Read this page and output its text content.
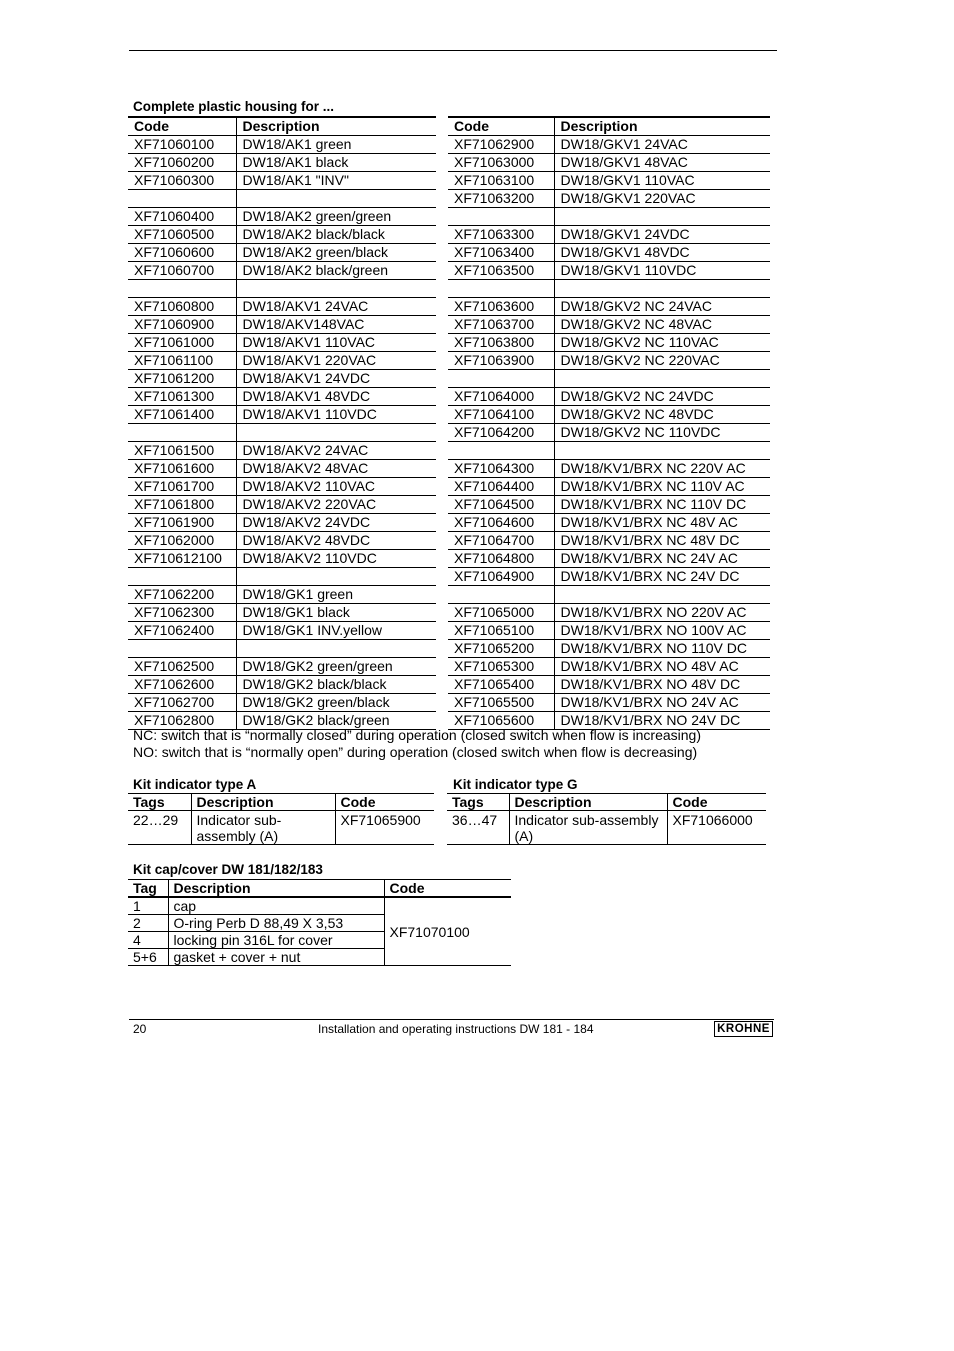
Complete plastic housing for ...
Code	Description
XF71060100	DW18/AK1 green
XF71060200	DW18/AK1 black
XF71060300	DW18/AK1 "INV"

XF71060400	DW18/AK2 green/green
XF71060500	DW18/AK2 black/black
XF71060600	DW18/AK2 green/black
XF71060700	DW18/AK2 black/green

XF71060800	DW18/AKV1 24VAC
XF71060900	DW18/AKV148VAC
XF71061000	DW18/AKV1 110VAC
XF71061100	DW18/AKV1 220VAC
XF71061200	DW18/AKV1 24VDC
XF71061300	DW18/AKV1 48VDC
XF71061400	DW18/AKV1 110VDC

XF71061500	DW18/AKV2 24VAC
XF71061600	DW18/AKV2 48VAC
XF71061700	DW18/AKV2 110VAC
XF71061800	DW18/AKV2 220VAC
XF71061900	DW18/AKV2 24VDC
XF71062000	DW18/AKV2 48VDC
XF710612100	DW18/AKV2 110VDC

XF71062200	DW18/GK1 green
XF71062300	DW18/GK1 black
XF71062400	DW18/GK1 INV.yellow

XF71062500	DW18/GK2 green/green
XF71062600	DW18/GK2 black/black
XF71062700	DW18/GK2 green/black
XF71062800	DW18/GK2 black/green
Code	Description
XF71062900	DW18/GKV1 24VAC
XF71063000	DW18/GKV1 48VAC
XF71063100	DW18/GKV1 110VAC
XF71063200	DW18/GKV1 220VAC

XF71063300	DW18/GKV1 24VDC
XF71063400	DW18/GKV1 48VDC
XF71063500	DW18/GKV1 110VDC

XF71063600	DW18/GKV2 NC 24VAC
XF71063700	DW18/GKV2 NC 48VAC
XF71063800	DW18/GKV2 NC 110VAC
XF71063900	DW18/GKV2 NC 220VAC

XF71064000	DW18/GKV2 NC 24VDC
XF71064100	DW18/GKV2 NC 48VDC
XF71064200	DW18/GKV2 NC 110VDC

XF71064300	DW18/KV1/BRX NC 220V AC
XF71064400	DW18/KV1/BRX NC 110V AC
XF71064500	DW18/KV1/BRX NC 110V DC
XF71064600	DW18/KV1/BRX NC 48V AC
XF71064700	DW18/KV1/BRX NC 48V DC
XF71064800	DW18/KV1/BRX NC 24V AC
XF71064900	DW18/KV1/BRX NC 24V DC

XF71065000	DW18/KV1/BRX NO 220V AC
XF71065100	DW18/KV1/BRX NO 100V AC
XF71065200	DW18/KV1/BRX NO 110V DC
XF71065300	DW18/KV1/BRX NO 48V AC
XF71065400	DW18/KV1/BRX NO 48V DC
XF71065500	DW18/KV1/BRX NO 24V AC
XF71065600	DW18/KV1/BRX NO 24V DC
NC: switch that is “normally closed” during operation (closed switch when flow is increasing)
NO: switch that is “normally open” during operation (closed switch when flow is decreasing)
Kit indicator type A
Tags	Description	Code
22…29	Indicator sub-assembly (A)	XF71065900
Kit indicator type G
Tags	Description	Code
36…47	Indicator sub-assembly (A)	XF71066000
Kit cap/cover DW 181/182/183
Tag	Description	Code
1	cap	XF71070100
2	O-ring Perb D 88,49 X 3,53	
4	locking pin 316L for cover	
5+6	gasket + cover + nut	
20	Installation and operating instructions DW 181 - 184	KROHNE
